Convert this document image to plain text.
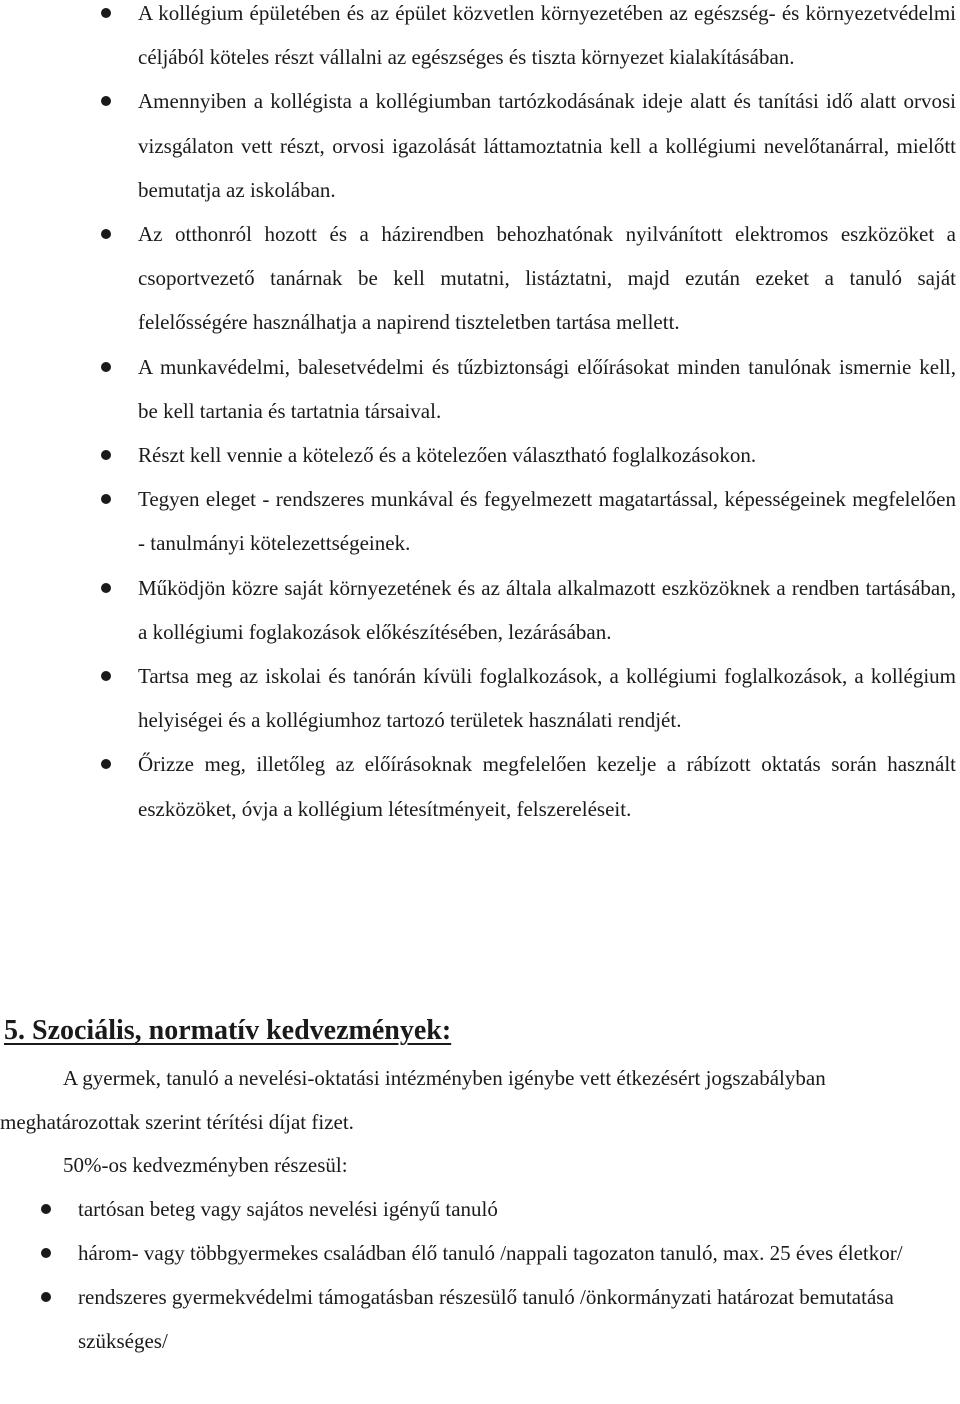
A kollégium épületében és az épület közvetlen környezetében az egészség- és környezetvédelmi céljából köteles részt vállalni az egészséges és tiszta környezet kialakításában.
Amennyiben a kollégista a kollégiumban tartózkodásának ideje alatt és tanítási idő alatt orvosi vizsgálaton vett részt, orvosi igazolását láttamoztatnia kell a kollégiumi nevelőtanárral, mielőtt bemutatja az iskolában.
Az otthonról hozott és a házirendben behozhatónak nyilvánított elektromos eszközöket a csoportvezető tanárnak be kell mutatni, listáztatni, majd ezután ezeket a tanuló saját felelősségére használhatja a napirend tiszteletben tartása mellett.
A munkavédelmi, balesetvédelmi és tűzbiztonsági előírásokat minden tanulónak ismernie kell, be kell tartania és tartatnia társaival.
Részt kell vennie a kötelező és a kötelezően választható foglalkozásokon.
Tegyen eleget - rendszeres munkával és fegyelmezett magatartással, képességeinek megfelelően - tanulmányi kötelezettségeinek.
Működjön közre saját környezetének és az általa alkalmazott eszközöknek a rendben tartásában, a kollégiumi foglakozások előkészítésében, lezárásában.
Tartsa meg az iskolai és tanórán kívüli foglalkozások, a kollégiumi foglalkozások, a kollégium helyiségei és a kollégiumhoz tartozó területek használati rendjét.
Őrizze meg, illetőleg az előírásoknak megfelelően kezelje a rábízott oktatás során használt eszközöket, óvja a kollégium létesítményeit, felszereléseit.
5. Szociális, normatív kedvezmények:

A gyermek, tanuló a nevelési-oktatási intézményben igénybe vett étkezésért jogszabályban meghatározottak szerint térítési díjat fizet.

50%-os kedvezményben részesül:

tartósan beteg vagy sajátos nevelési igényű tanuló
három- vagy többgyermekes családban élő tanuló /nappali tagozaton tanuló, max. 25 éves életkor/
rendszeres gyermekvédelmi támogatásban részesülő tanuló /önkormányzati határozat bemutatása szükséges/
